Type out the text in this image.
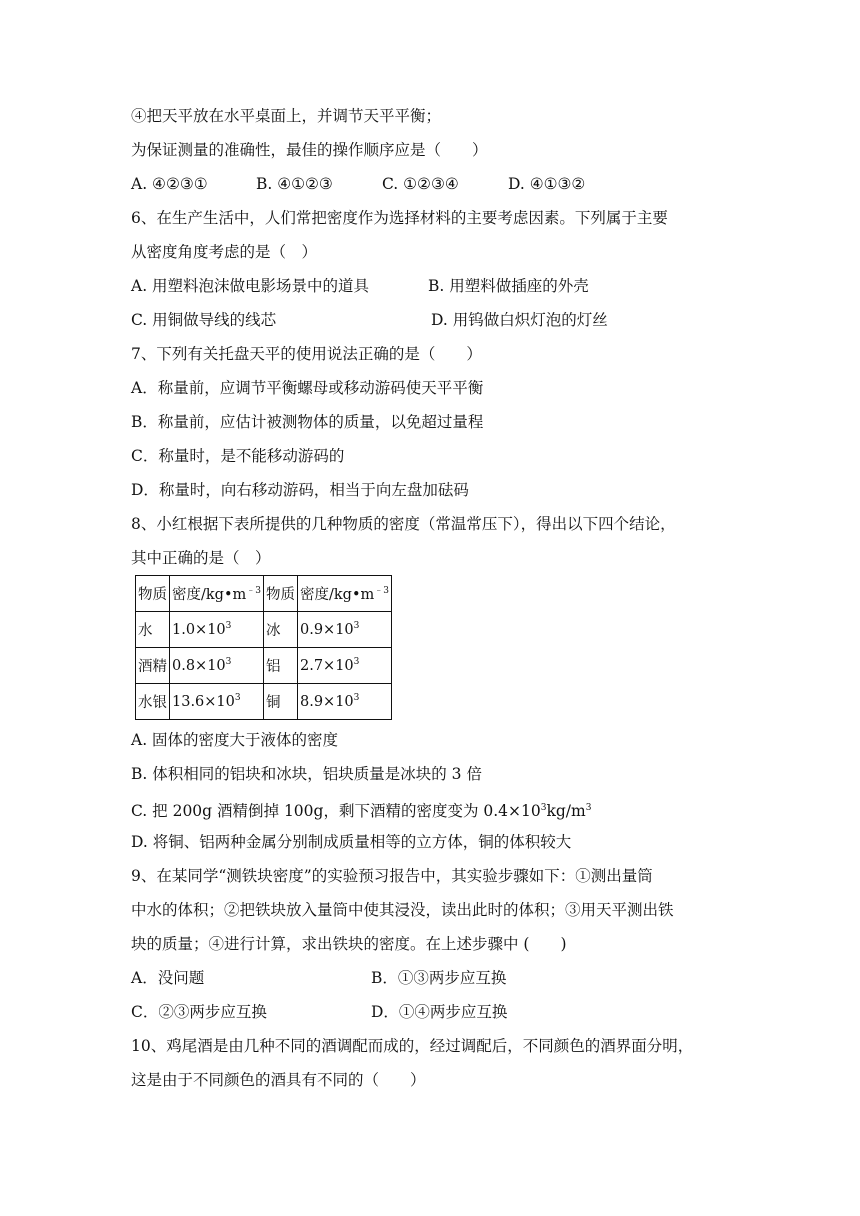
④把天平放在水平桌面上，并调节天平平衡；
为保证测量的准确性，最佳的操作顺序应是（　　）
A. ④②③①	B. ④①②③	C. ①②③④	D. ④①③②
6、在生产生活中，人们常把密度作为选择材料的主要考虑因素。下列属于主要
从密度角度考虑的是（　）
A. 用塑料泡沫做电影场景中的道具	B. 用塑料做插座的外壳
C. 用铜做导线的线芯	D. 用钨做白炽灯泡的灯丝
7、下列有关托盘天平的使用说法正确的是（　　）
A．称量前，应调节平衡螺母或移动游码使天平平衡
B．称量前，应估计被测物体的质量，以免超过量程
C．称量时，是不能移动游码的
D．称量时，向右移动游码，相当于向左盘加砝码
8、小红根据下表所提供的几种物质的密度（常温常压下），得出以下四个结论，
其中正确的是（　）
物质	密度$/kg•m^{﹣3}$	物质	密度$/kg•m^{﹣3}$
水	$1.0\times 10^3$	冰	$0.9\times 10^3$
酒精	$0.8\times 10^3$	铝	$2.7\times 10^3$
水银	$13.6\times 10^3$	铜	$8.9\times 10^3$
A. 固体的密度大于液体的密度
B. 体积相同的铝块和冰块，铝块质量是冰块的 3 倍
C. 把 200g 酒精倒掉 100g，剩下酒精的密度变为 $0.4\times 10^3kg/m^3$
D. 将铜、铝两种金属分别制成质量相等的立方体，铜的体积较大
9、在某同学“测铁块密度”的实验预习报告中，其实验步骤如下：①测出量筒
中水的体积；②把铁块放入量筒中使其浸没，读出此时的体积；③用天平测出铁
块的质量；④进行计算，求出铁块的密度。在上述步骤中 (　　)
A．没问题	B．①③两步应互换
C．②③两步应互换	D．①④两步应互换
10、鸡尾酒是由几种不同的酒调配而成的，经过调配后，不同颜色的酒界面分明，
这是由于不同颜色的酒具有不同的（　　）
